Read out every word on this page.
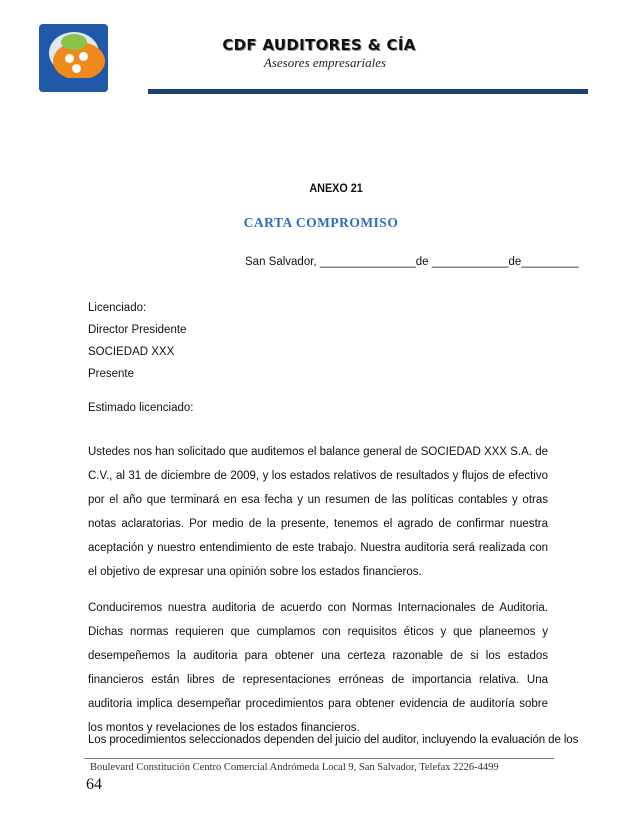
CDF AUDITORES & CÍA
Asesores empresariales
ANEXO 21
CARTA COMPROMISO
San Salvador, _______________de ____________de_________
Licenciado:
Director Presidente
SOCIEDAD XXX
Presente
Estimado licenciado:
Ustedes nos han solicitado que auditemos el balance general de SOCIEDAD XXX S.A. de C.V., al 31 de diciembre de 2009, y los estados relativos de resultados y flujos de efectivo por el año que terminará en esa fecha y un resumen de las políticas contables y otras notas aclaratorias. Por medio de la presente, tenemos el agrado de confirmar nuestra aceptación y nuestro entendimiento de este trabajo. Nuestra auditoria será realizada con el objetivo de expresar una opinión sobre los estados financieros.
Conduciremos nuestra auditoria de acuerdo con Normas Internacionales de Auditoria. Dichas normas requieren que cumplamos con requisitos éticos y que planeemos y desempeñemos la auditoria para obtener una certeza razonable de si los estados financieros están libres de representaciones erróneas de importancia relativa. Una auditoria implica desempeñar procedimientos para obtener evidencia de auditoría sobre los montos y revelaciones de los estados financieros.
Los procedimientos seleccionados dependen del juicio del auditor, incluyendo la evaluación de los
Boulevard Constitución Centro Comercial Andrómeda Local 9, San Salvador, Telefax 2226-4499
64
